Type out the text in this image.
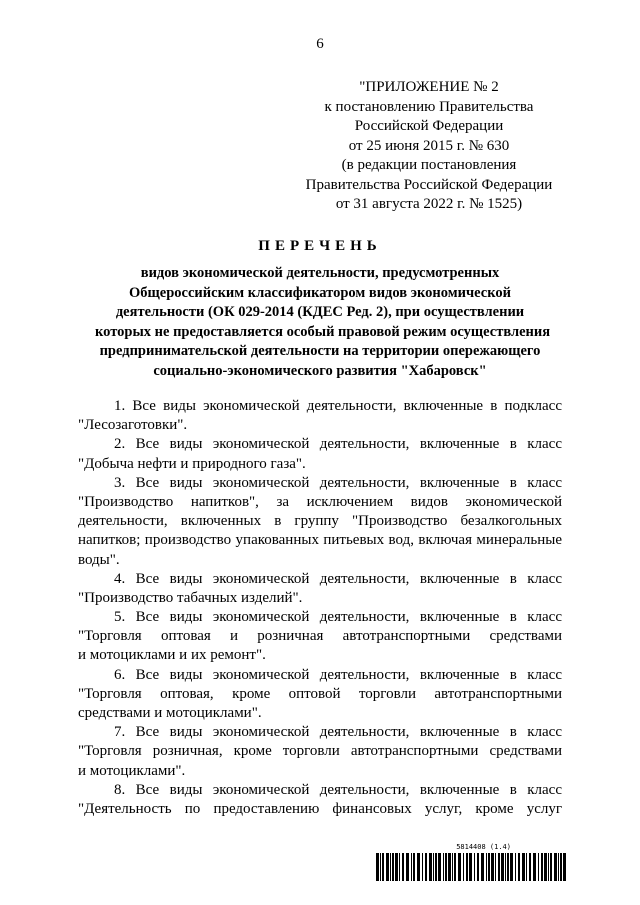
6
"ПРИЛОЖЕНИЕ № 2
к постановлению Правительства
Российской Федерации
от 25 июня 2015 г. № 630
(в редакции постановления
Правительства Российской Федерации
от 31 августа 2022 г. № 1525)
ПЕРЕЧЕНЬ
видов экономической деятельности, предусмотренных
Общероссийским классификатором видов экономической
деятельности (ОК 029-2014 (КДЕС Ред. 2), при осуществлении
которых не предоставляется особый правовой режим осуществления
предпринимательской деятельности на территории опережающего
социально-экономического развития "Хабаровск"
1. Все виды экономической деятельности, включенные в подкласс
"Лесозаготовки".
2. Все виды экономической деятельности, включенные в класс
"Добыча нефти и природного газа".
3. Все виды экономической деятельности, включенные в класс
"Производство напитков", за исключением видов экономической
деятельности, включенных в группу "Производство безалкогольных
напитков; производство упакованных питьевых вод, включая минеральные
воды".
4. Все виды экономической деятельности, включенные в класс
"Производство табачных изделий".
5. Все виды экономической деятельности, включенные в класс
"Торговля оптовая и розничная автотранспортными средствами
и мотоциклами и их ремонт".
6. Все виды экономической деятельности, включенные в класс
"Торговля оптовая, кроме оптовой торговли автотранспортными
средствами и мотоциклами".
7. Все виды экономической деятельности, включенные в класс
"Торговля розничная, кроме торговли автотранспортными средствами
и мотоциклами".
8. Все виды экономической деятельности, включенные в класс
"Деятельность по предоставлению финансовых услуг, кроме услуг
5814408 (1.4)
